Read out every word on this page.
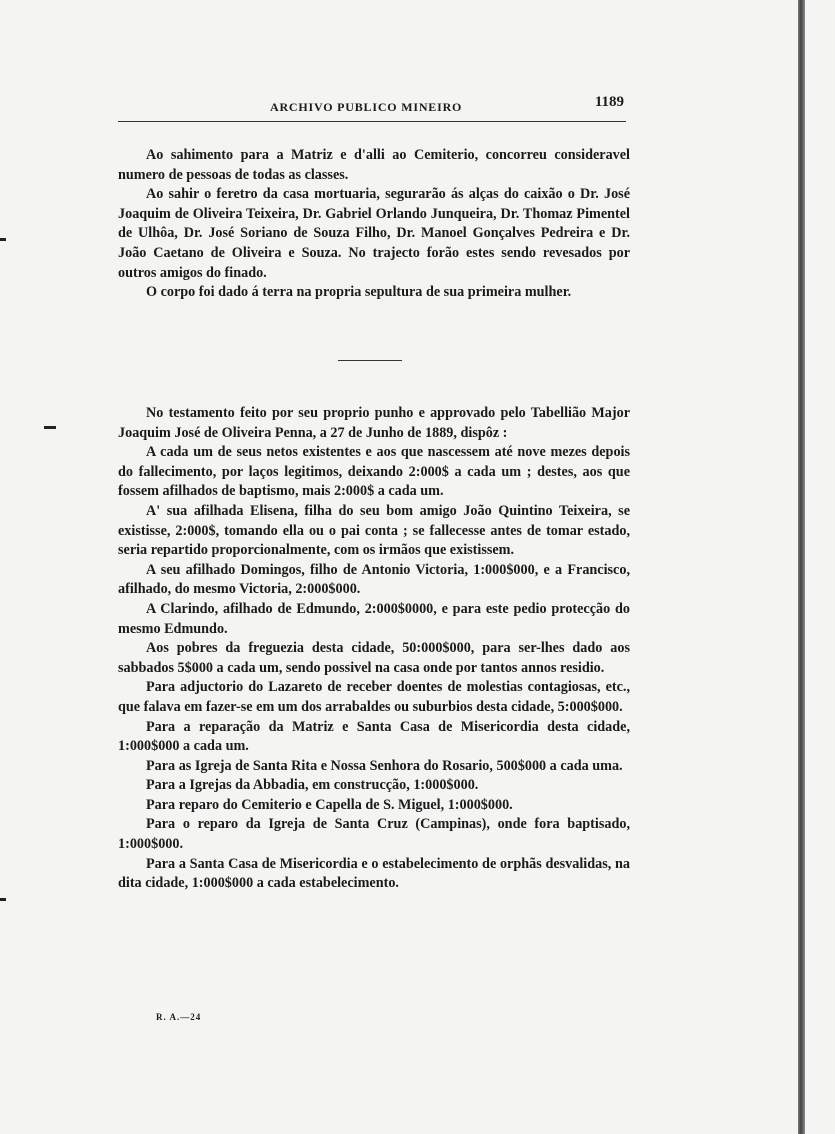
ARCHIVO PUBLICO MINEIRO	1189

Ao sahimento para a Matriz e d'alli ao Cemiterio, concorreu consideravel numero de pessoas de todas as classes.

Ao sahir o feretro da casa mortuaria, segurarão ás alças do caixão o Dr. José Joaquim de Oliveira Teixeira, Dr. Gabriel Orlando Junqueira, Dr. Thomaz Pimentel de Ulhôa, Dr. José Soriano de Souza Filho, Dr. Manoel Gonçalves Pedreira e Dr. João Caetano de Oliveira e Souza. No trajecto forão estes sendo revesados por outros amigos do finado.

O corpo foi dado á terra na propria sepultura de sua primeira mulher.

No testamento feito por seu proprio punho e approvado pelo Tabellião Major Joaquim José de Oliveira Penna, a 27 de Junho de 1889, dispôz :

A cada um de seus netos existentes e aos que nascessem até nove mezes depois do fallecimento, por laços legitimos, deixando 2:000$ a cada um ; destes, aos que fossem afilhados de baptismo, mais 2:000$ a cada um.

A' sua afilhada Elisena, filha do seu bom amigo João Quintino Teixeira, se existisse, 2:000$, tomando ella ou o pai conta ; se fallecesse antes de tomar estado, seria repartido proporcionalmente, com os irmãos que existissem.

A seu afilhado Domingos, filho de Antonio Victoria, 1:000$000, e a Francisco, afilhado, do mesmo Victoria, 2:000$000.

A Clarindo, afilhado de Edmundo, 2:000$0000, e para este pedio protecção do mesmo Edmundo.

Aos pobres da freguezia desta cidade, 50:000$000, para ser-lhes dado aos sabbados 5$000 a cada um, sendo possivel na casa onde por tantos annos residio.

Para adjuctorio do Lazareto de receber doentes de molestias contagiosas, etc., que falava em fazer-se em um dos arrabaldes ou suburbios desta cidade, 5:000$000.

Para a reparação da Matriz e Santa Casa de Misericordia desta cidade, 1:000$000 a cada um.

Para as Igreja de Santa Rita e Nossa Senhora do Rosario, 500$000 a cada uma.

Para a Igrejas da Abbadia, em construcção, 1:000$000.

Para reparo do Cemiterio e Capella de S. Miguel, 1:000$000.

Para o reparo da Igreja de Santa Cruz (Campinas), onde fora baptisado, 1:000$000.

Para a Santa Casa de Misericordia e o estabelecimento de orphãs desvalidas, na dita cidade, 1:000$000 a cada estabelecimento.

R. A.—24
